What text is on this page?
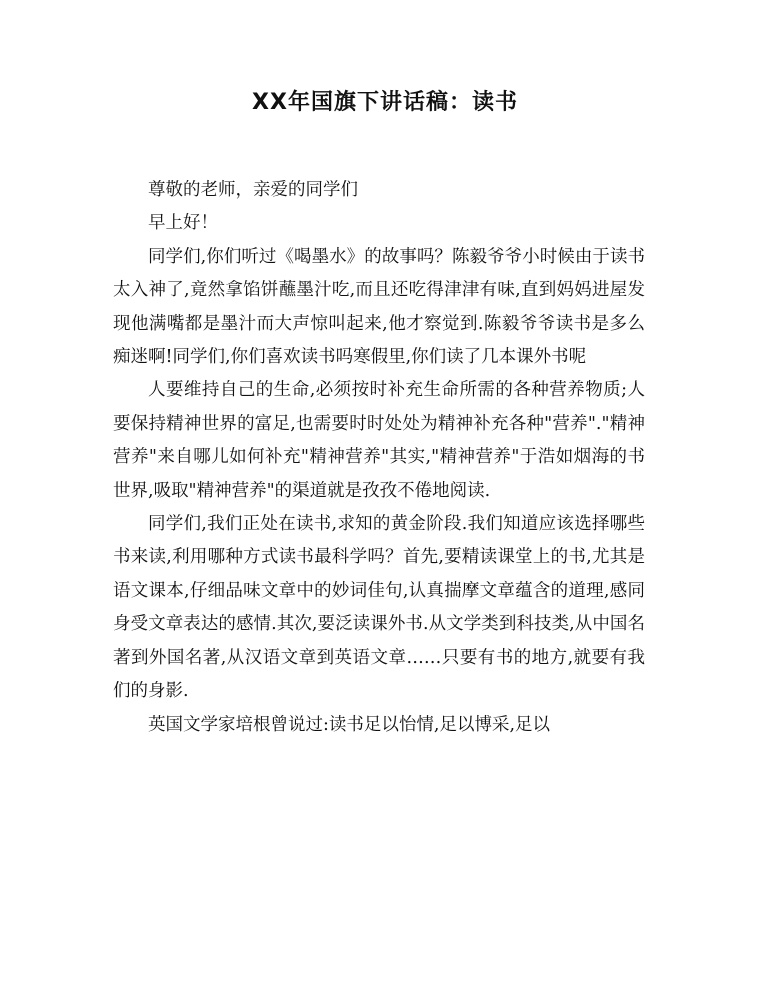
XX年国旗下讲话稿：读书

尊敬的老师，亲爱的同学们

早上好！

同学们,你们听过《喝墨水》的故事吗？陈毅爷爷小时候由于读书太入神了,竟然拿馅饼蘸墨汁吃,而且还吃得津津有味,直到妈妈进屋发现他满嘴都是墨汁而大声惊叫起来,他才察觉到.陈毅爷爷读书是多么痴迷啊!同学们,你们喜欢读书吗寒假里,你们读了几本课外书呢

人要维持自己的生命,必须按时补充生命所需的各种营养物质;人要保持精神世界的富足,也需要时时处处为精神补充各种"营养"."精神营养"来自哪儿如何补充"精神营养"其实,"精神营养"于浩如烟海的书世界,吸取"精神营养"的渠道就是孜孜不倦地阅读.

同学们,我们正处在读书,求知的黄金阶段.我们知道应该选择哪些书来读,利用哪种方式读书最科学吗？首先,要精读课堂上的书,尤其是语文课本,仔细品味文章中的妙词佳句,认真揣摩文章蕴含的道理,感同身受文章表达的感情.其次,要泛读课外书.从文学类到科技类,从中国名著到外国名著,从汉语文章到英语文章……只要有书的地方,就要有我们的身影.

英国文学家培根曾说过:读书足以怡情,足以博采,足以
